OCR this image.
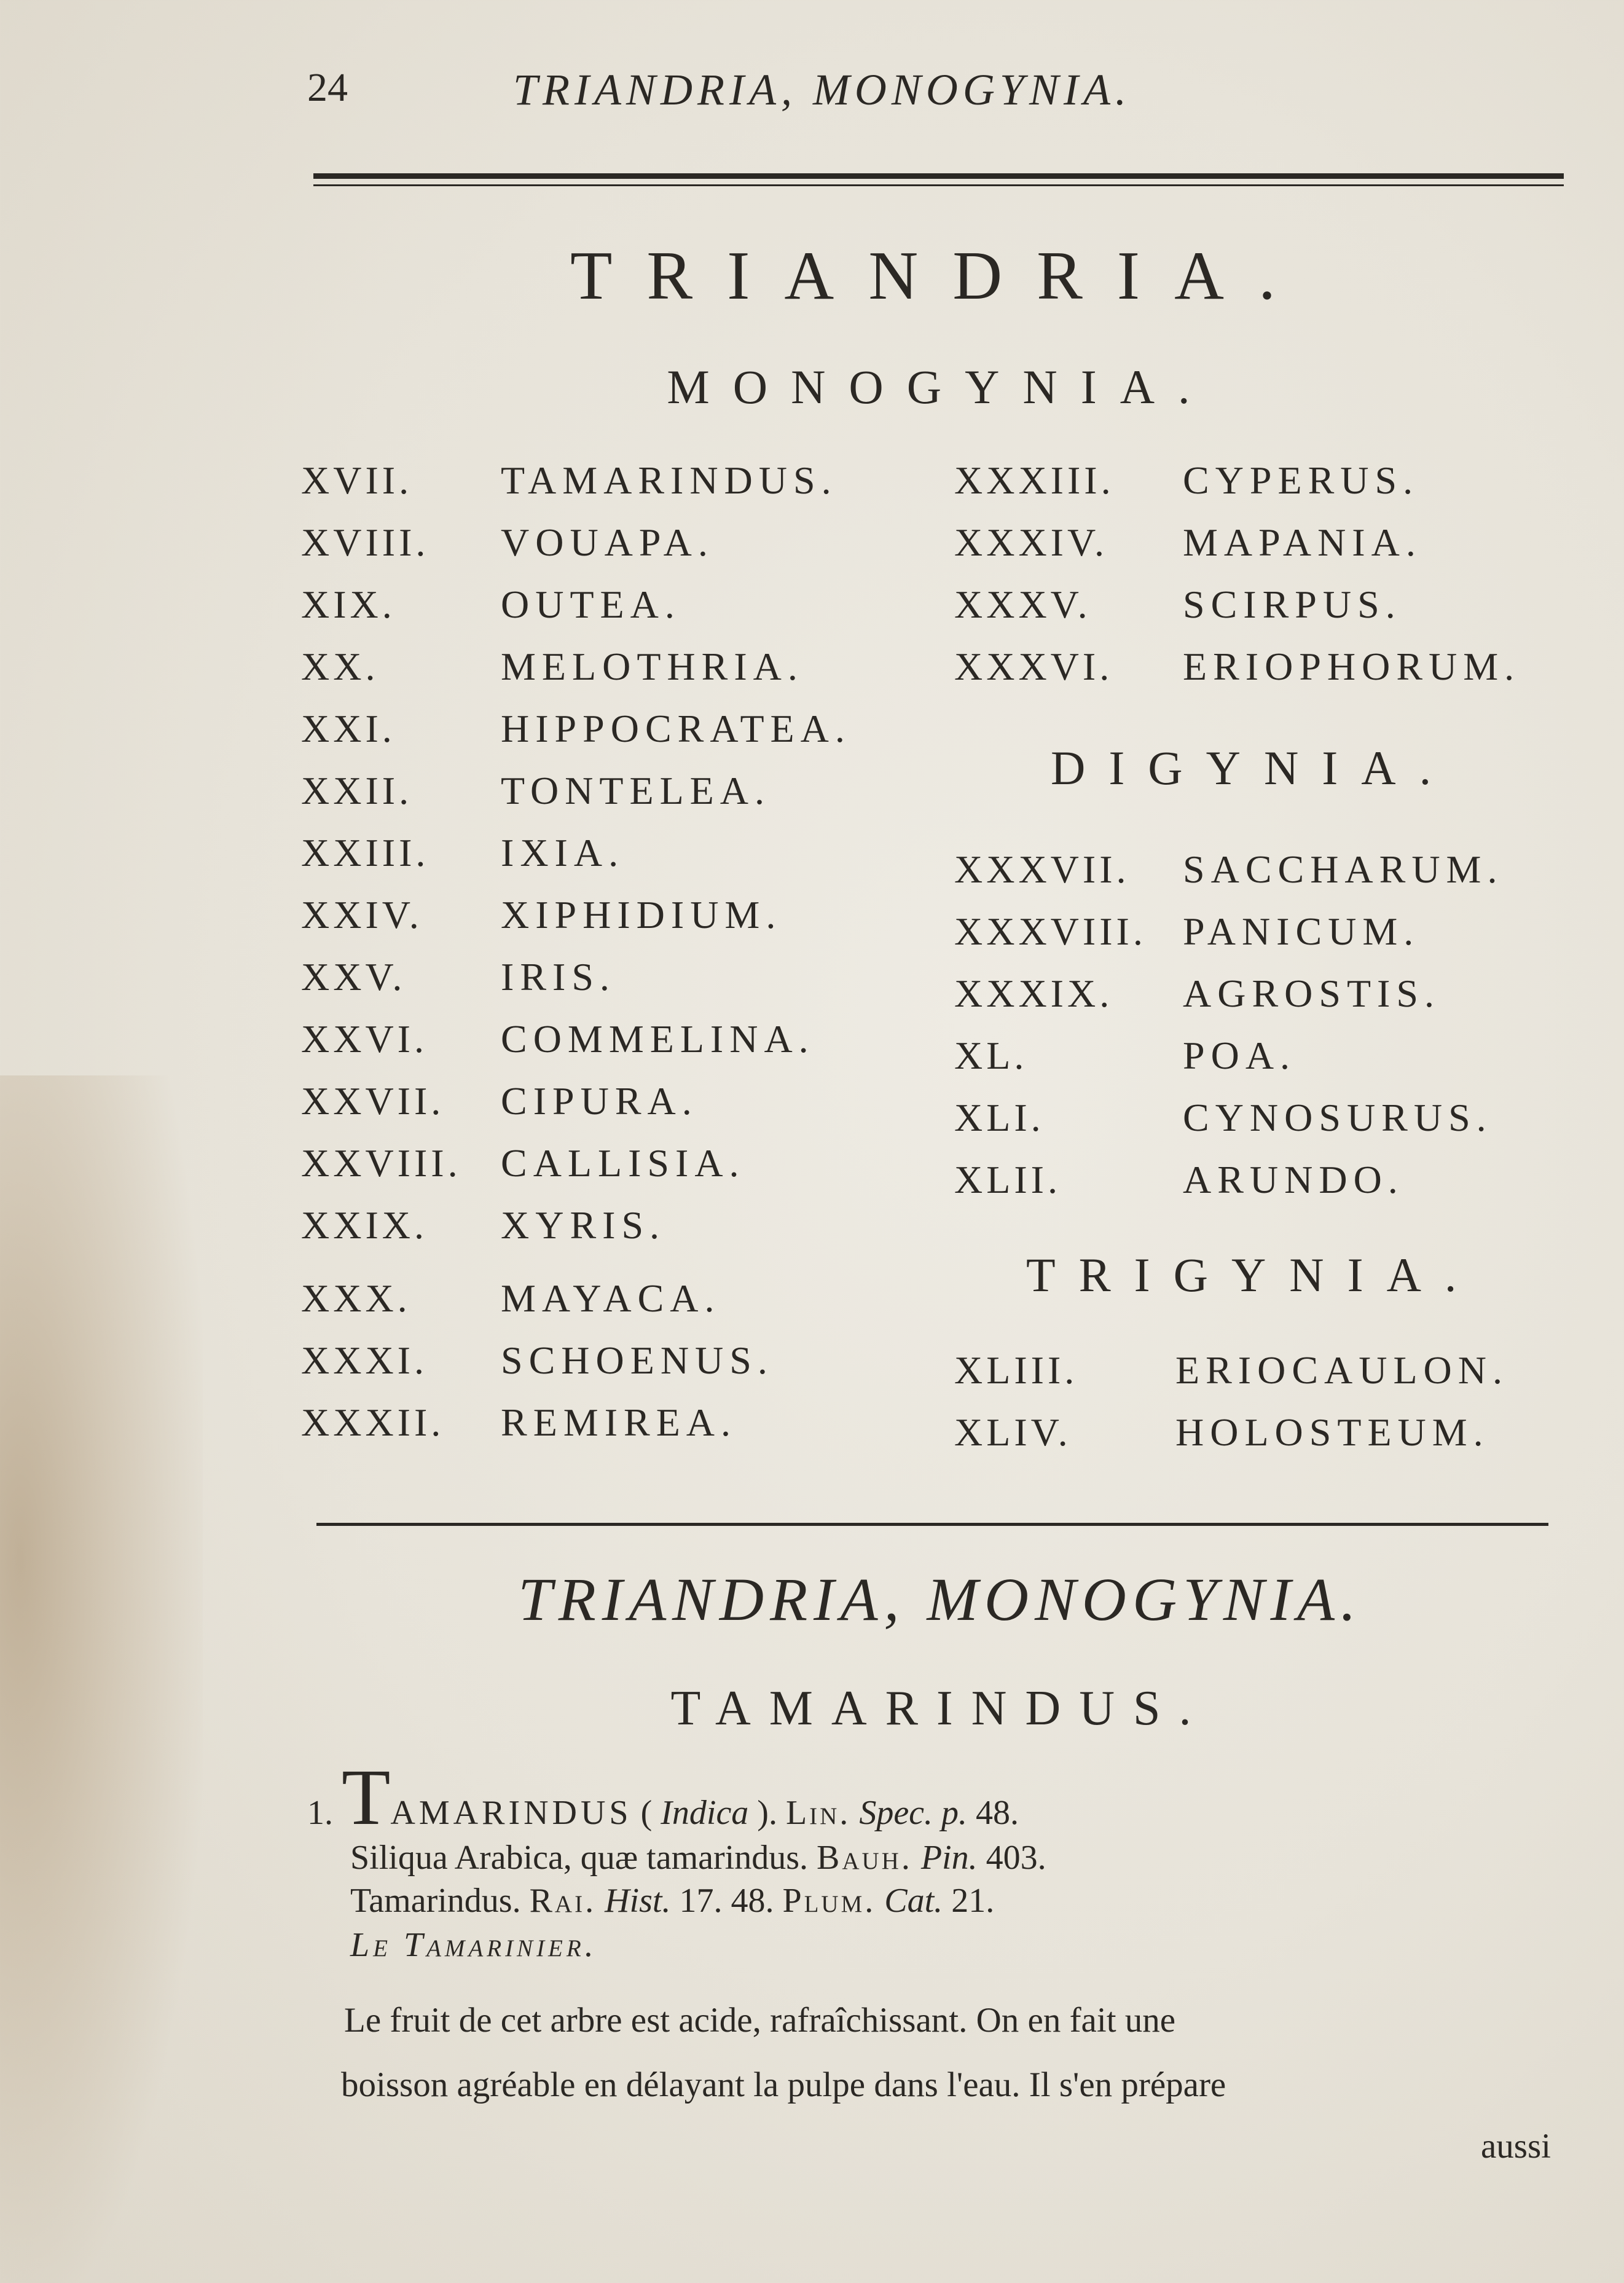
24	TRIANDRIA, MONOGYNIA.
TRIANDRIA.
MONOGYNIA.
XVII. TAMARINDUS.
XVIII. VOUAPA.
XIX.	OUTEA.
XX.	MELOTHRIA.
XXI.	HIPPOCRATEA.
XXII. TONTELEA.
XXIII. IXIA.
XXIV. XIPHIDIUM.
XXV. IRIS.
XXVI. COMMELINA.
XXVII. CIPURA.
XXVIII. CALLISIA.
XXIX. XYRIS.
XXX. MAYACA.
XXXI. SCHOENUS.
XXXII. REMIREA.
XXXIII. CYPERUS.
XXXIV. MAPANIA.
XXXV. SCIRPUS.
XXXVI. ERIOPHORUM.
DIGYNIA.
XXXVII. SACCHARUM.
XXXVIII. PANICUM.
XXXIX. AGROSTIS.
XL.	POA.
XLI.	CYNOSURUS.
XLII.	ARUNDO.
TRIGYNIA.
XLIII. ERIOCAULON.
XLIV.	HOLOSTEUM.
TRIANDRIA, MONOGYNIA.
TAMARINDUS.
1. TAMARINDUS ( Indica ). Lin. Spec. p. 48.
Siliqua Arabica, quæ tamarindus. Bauh. Pin. 403.
Tamarindus. Rai. Hist. 17. 48. Plum. Cat. 21.
Le Tamarinier.
Le fruit de cet arbre est acide, rafraîchissant. On en fait une
boisson agréable en délayant la pulpe dans l'eau. Il s'en prépare
aussi
